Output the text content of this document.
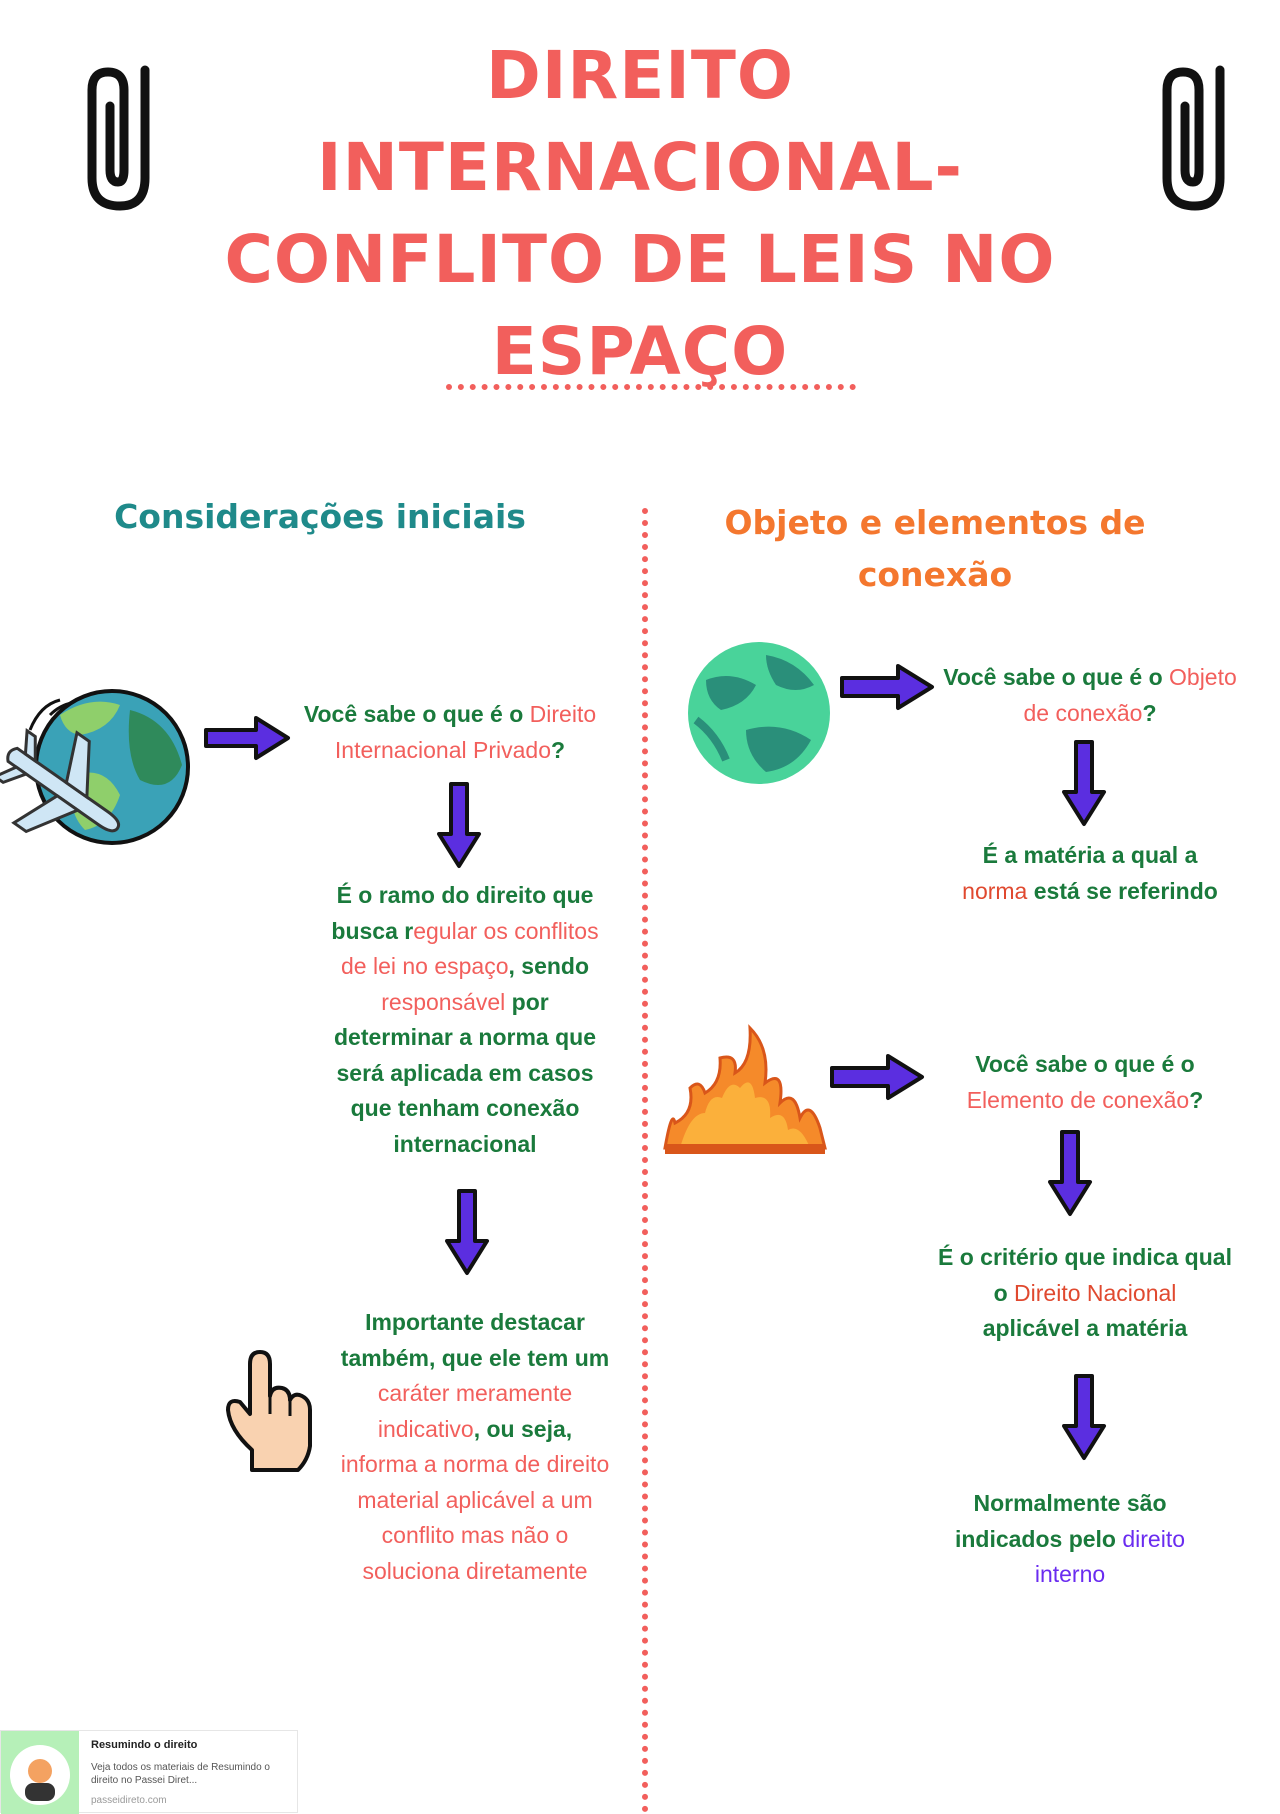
DIREITO
INTERNACIONAL-
CONFLITO DE LEIS NO
ESPAÇO
Considerações iniciais	Objeto e elementos de
conexão
Você sabe o que é o Direito
Internacional Privado?
É o ramo do direito que
busca regular os conflitos
de lei no espaço, sendo
responsável por
determinar a norma que
será aplicada em casos
que tenham conexão
internacional
Importante destacar
também, que ele tem um
caráter meramente
indicativo, ou seja,
informa a norma de direito
material aplicável a um
conflito mas não o
soluciona diretamente
Você sabe o que é o Objeto
de conexão?
É a matéria a qual a
norma está se referindo
Você sabe o que é o
Elemento de conexão?
É o critério que indica qual
o Direito Nacional
aplicável a matéria
Normalmente são
indicados pelo direito
interno
Resumindo o direito
Veja todos os materiais de Resumindo o direito no Passei Diret...
passeidireto.com
